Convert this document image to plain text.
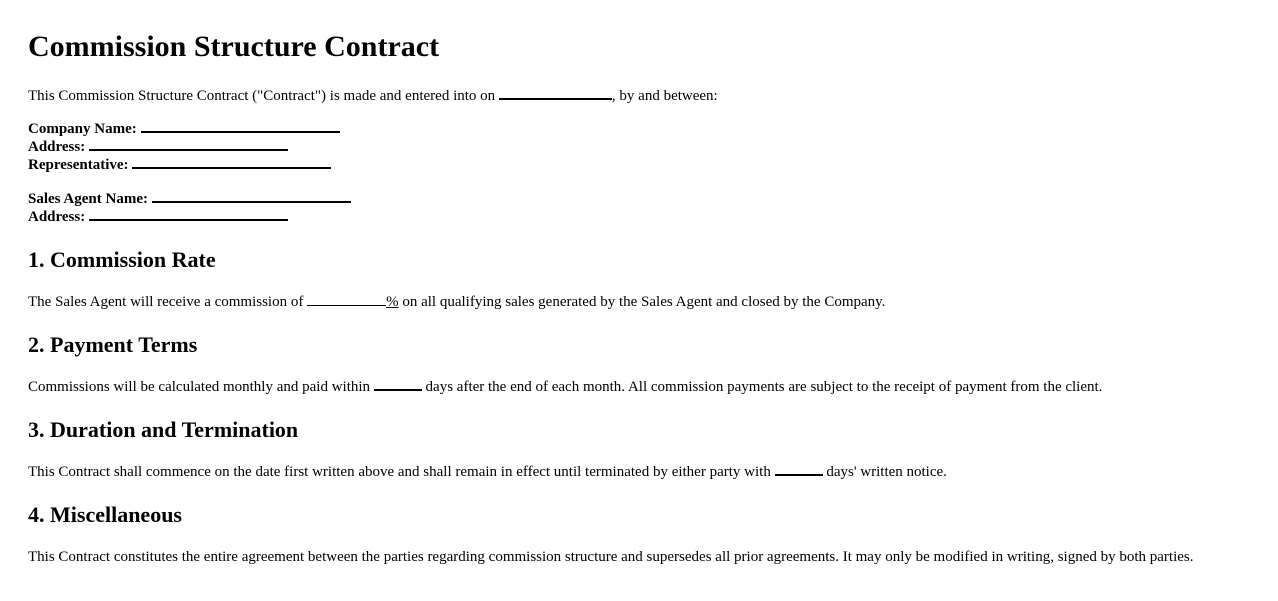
Commission Structure Contract

This Commission Structure Contract ("Contract") is made and entered into on	, by and between:

Company Name:
Address:
Representative:
Sales Agent Name:
Address:
1. Commission Rate

The Sales Agent will receive a commission of	% on all qualifying sales generated by the Sales Agent and closed by the Company.

2. Payment Terms

Commissions will be calculated monthly and paid within	days after the end of each month. All commission payments are subject to the receipt of payment from the client.

3. Duration and Termination

This Contract shall commence on the date first written above and shall remain in effect until terminated by either party with	days' written notice.

4. Miscellaneous

This Contract constitutes the entire agreement between the parties regarding commission structure and supersedes all prior agreements. It may only be modified in writing, signed by both parties.
